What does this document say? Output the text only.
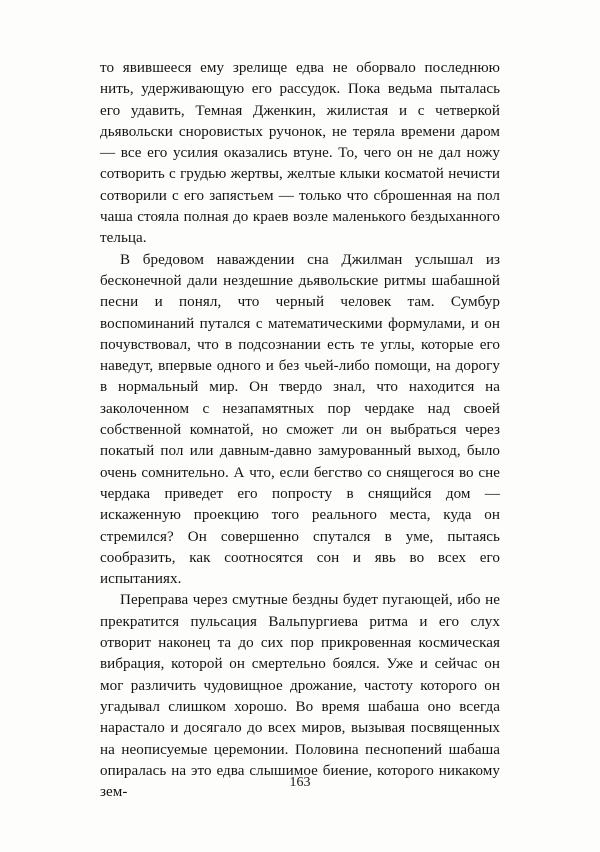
то явившееся ему зрелище едва не оборвало последнюю нить, удерживающую его рассудок. Пока ведьма пыталась его удавить, Темная Дженкин, жилистая и с четверкой дьявольски сноровистых ручонок, не теряла времени даром — все его усилия оказались втуне. То, чего он не дал ножу сотворить с грудью жертвы, желтые клыки косматой нечисти сотворили с его запястьем — только что сброшенная на пол чаша стояла полная до краев возле маленького бездыханного тельца.

В бредовом наваждении сна Джилман услышал из бесконечной дали нездешние дьявольские ритмы шабашной песни и понял, что черный человек там. Сумбур воспоминаний путался с математическими формулами, и он почувствовал, что в подсознании есть те углы, которые его наведут, впервые одного и без чьей-либо помощи, на дорогу в нормальный мир. Он твердо знал, что находится на заколоченном с незапамятных пор чердаке над своей собственной комнатой, но сможет ли он выбраться через покатый пол или давным-давно замурованный выход, было очень сомнительно. А что, если бегство со снящегося во сне чердака приведет его попросту в снящийся дом — искаженную проекцию того реального места, куда он стремился? Он совершенно спутался в уме, пытаясь сообразить, как соотносятся сон и явь во всех его испытаниях.

Переправа через смутные бездны будет пугающей, ибо не прекратится пульсация Вальпургиева ритма и его слух отворит наконец та до сих пор прикровенная космическая вибрация, которой он смертельно боялся. Уже и сейчас он мог различить чудовищное дрожание, частоту которого он угадывал слишком хорошо. Во время шабаша оно всегда нарастало и досягало до всех миров, вызывая посвященных на неописуемые церемонии. Половина песнопений шабаша опиралась на это едва слышимое биение, которого никакому зем-

163
